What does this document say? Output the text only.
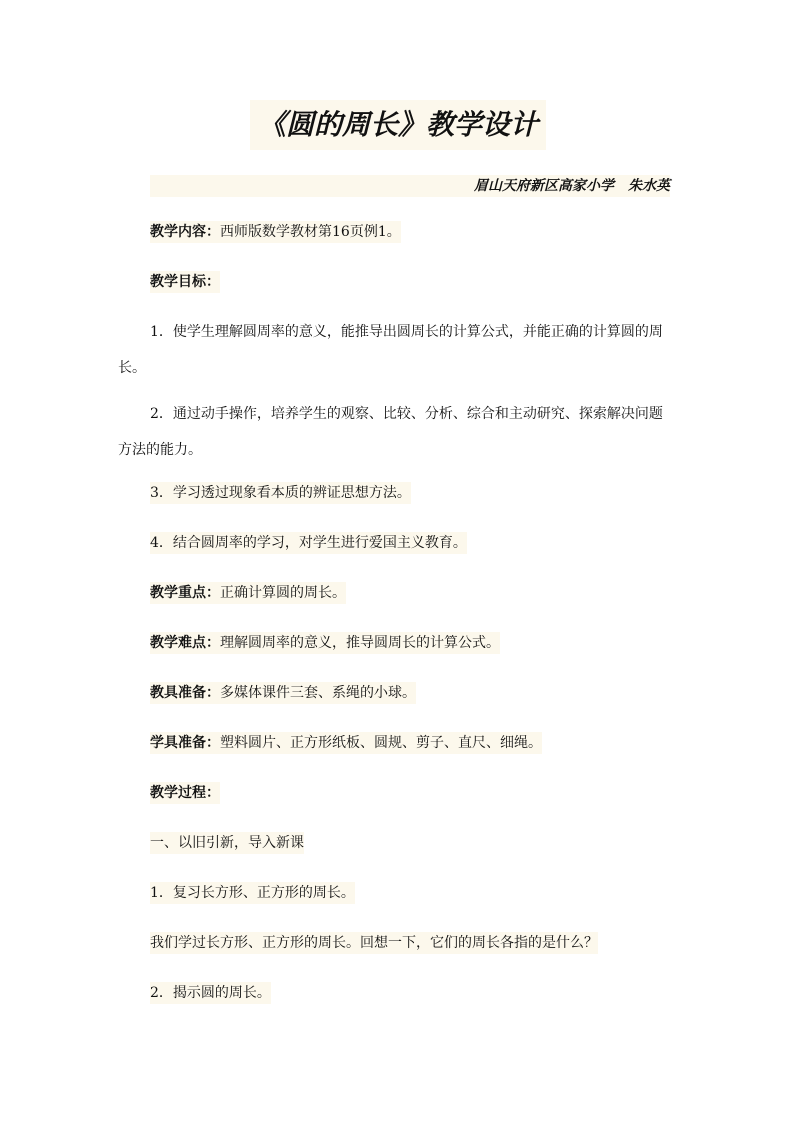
《圆的周长》教学设计
眉山天府新区高家小学　朱水英
教学内容：西师版数学教材第16页例1。
教学目标：
1．使学生理解圆周率的意义，能推导出圆周长的计算公式，并能正确的计算圆的周长。
2．通过动手操作，培养学生的观察、比较、分析、综合和主动研究、探索解决问题方法的能力。
3．学习透过现象看本质的辨证思想方法。
4．结合圆周率的学习，对学生进行爱国主义教育。
教学重点：正确计算圆的周长。
教学难点：理解圆周率的意义，推导圆周长的计算公式。
教具准备：多媒体课件三套、系绳的小球。
学具准备：塑料圆片、正方形纸板、圆规、剪子、直尺、细绳。
教学过程：
一、以旧引新，导入新课
1．复习长方形、正方形的周长。
我们学过长方形、正方形的周长。回想一下，它们的周长各指的是什么？
2．揭示圆的周长。
